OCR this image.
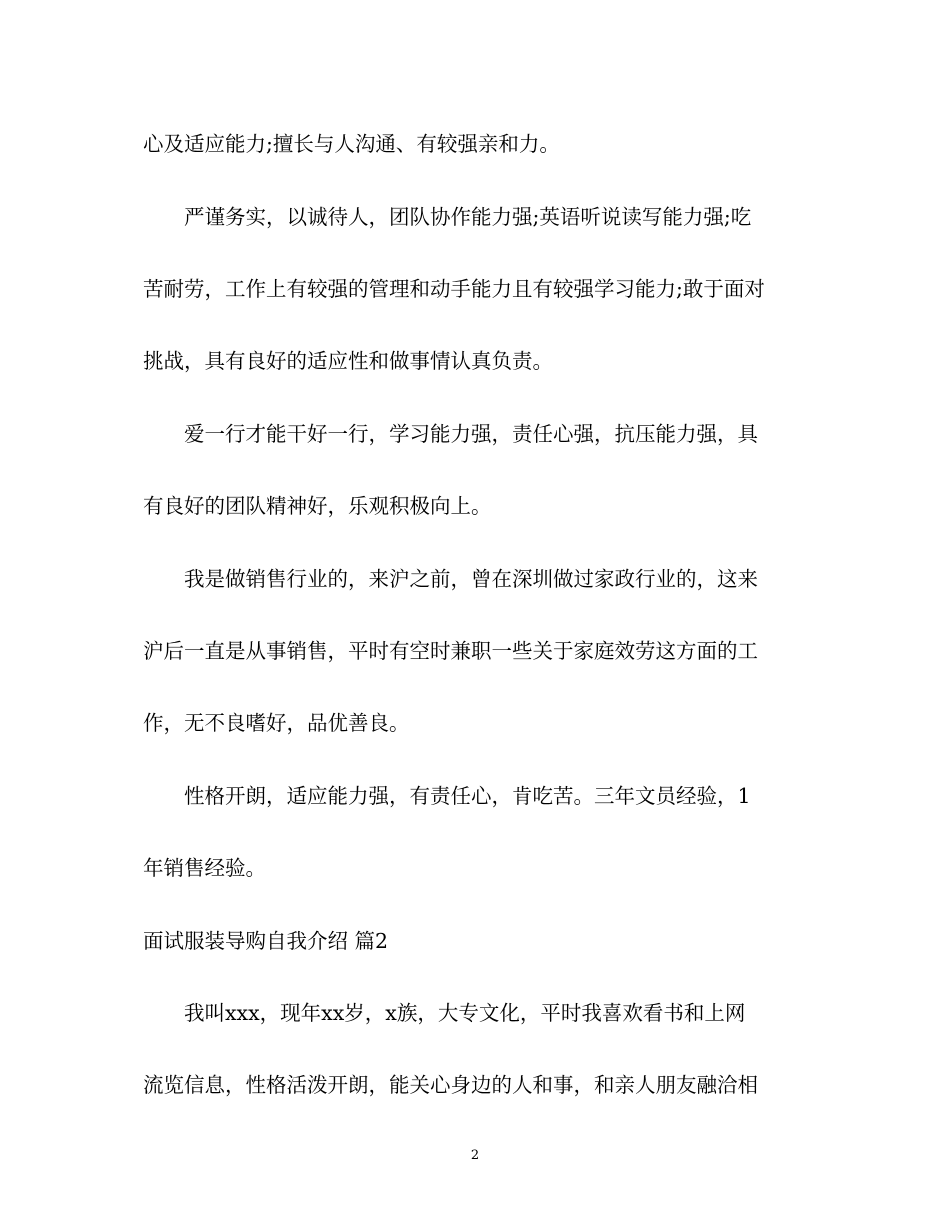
心及适应能力;擅长与人沟通、有较强亲和力。

严谨务实，以诚待人，团队协作能力强;英语听说读写能力强;吃

苦耐劳，工作上有较强的管理和动手能力且有较强学习能力;敢于面对

挑战，具有良好的适应性和做事情认真负责。

爱一行才能干好一行，学习能力强，责任心强，抗压能力强，具

有良好的团队精神好，乐观积极向上。

我是做销售行业的，来沪之前，曾在深圳做过家政行业的，这来

沪后一直是从事销售，平时有空时兼职一些关于家庭效劳这方面的工

作，无不良嗜好，品优善良。

性格开朗，适应能力强，有责任心，肯吃苦。三年文员经验，1

年销售经验。

面试服装导购自我介绍 篇2

我叫xxx，现年xx岁，x族，大专文化，平时我喜欢看书和上网

流览信息，性格活泼开朗，能关心身边的人和事，和亲人朋友融洽相

2
